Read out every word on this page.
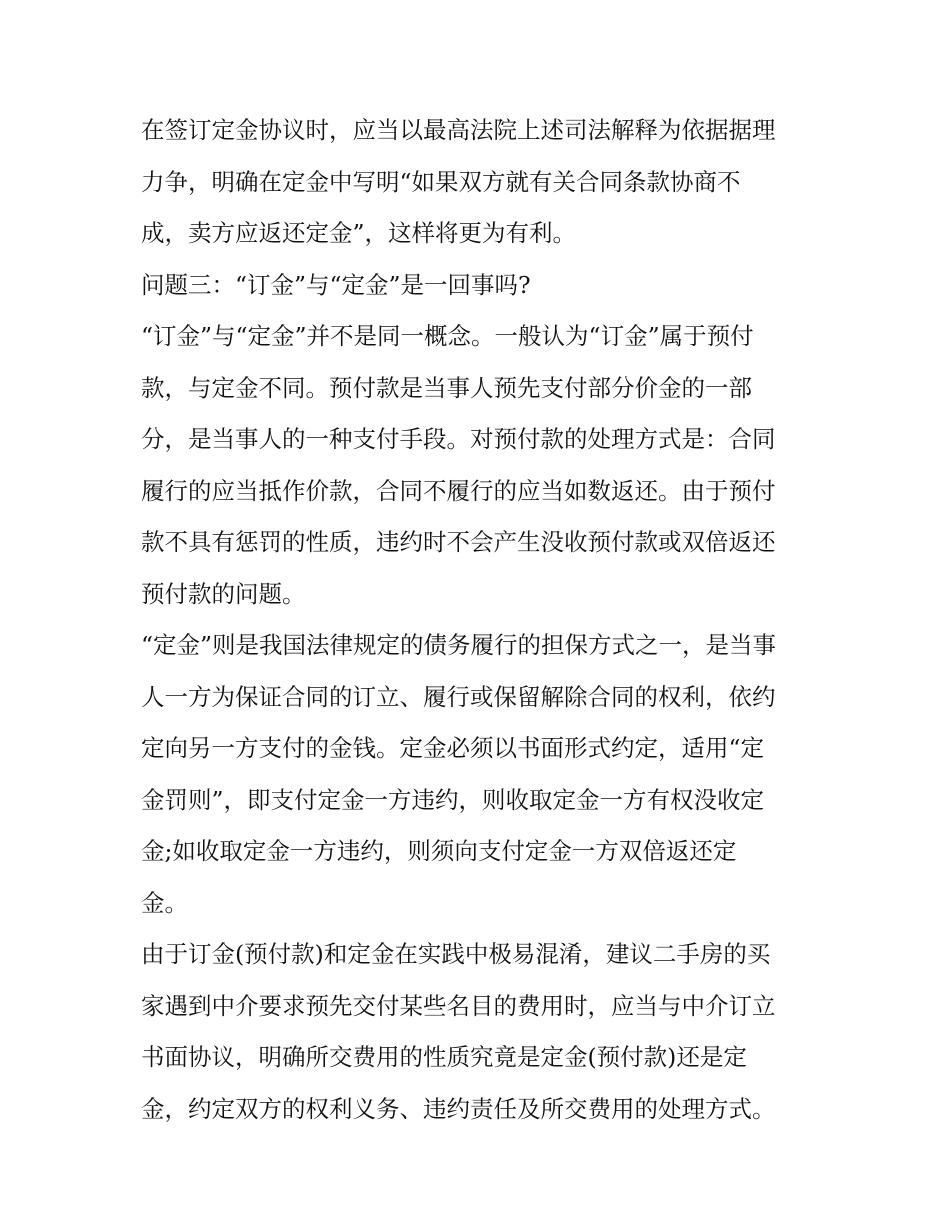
在签订定金协议时，应当以最高法院上述司法解释为依据据理
力争，明确在定金中写明“如果双方就有关合同条款协商不
成，卖方应返还定金”，这样将更为有利。
问题三：“订金”与“定金”是一回事吗?
“订金”与“定金”并不是同一概念。一般认为“订金”属于预付
款，与定金不同。预付款是当事人预先支付部分价金的一部
分，是当事人的一种支付手段。对预付款的处理方式是：合同
履行的应当抵作价款，合同不履行的应当如数返还。由于预付
款不具有惩罚的性质，违约时不会产生没收预付款或双倍返还
预付款的问题。
“定金”则是我国法律规定的债务履行的担保方式之一，是当事
人一方为保证合同的订立、履行或保留解除合同的权利，依约
定向另一方支付的金钱。定金必须以书面形式约定，适用“定
金罚则”，即支付定金一方违约，则收取定金一方有权没收定
金;如收取定金一方违约，则须向支付定金一方双倍返还定
金。
由于订金(预付款)和定金在实践中极易混淆，建议二手房的买
家遇到中介要求预先交付某些名目的费用时，应当与中介订立
书面协议，明确所交费用的性质究竟是定金(预付款)还是定
金，约定双方的权利义务、违约责任及所交费用的处理方式。
